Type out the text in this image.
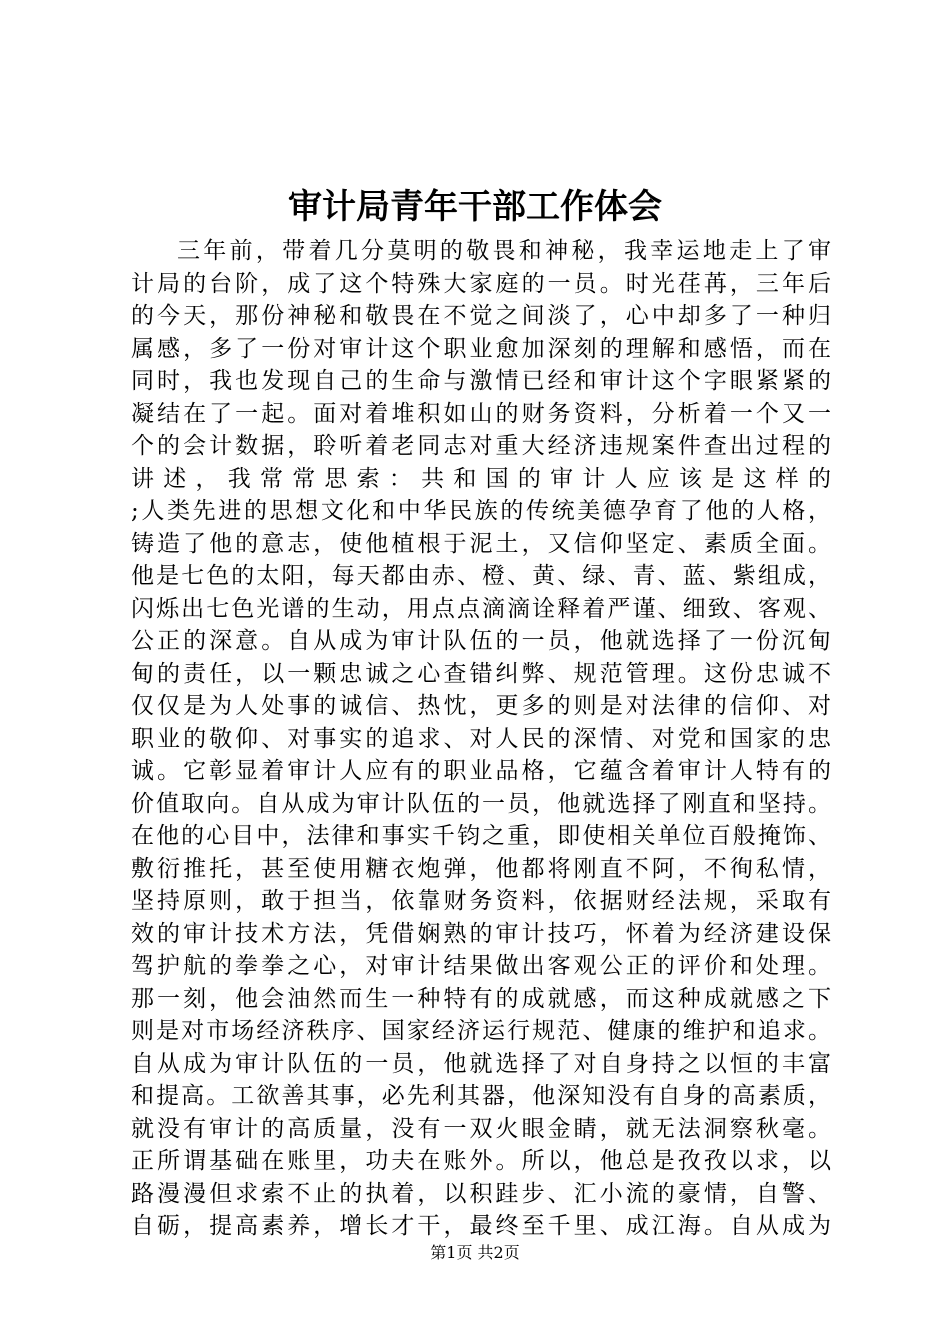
审计局青年干部工作体会
三年前，带着几分莫明的敬畏和神秘，我幸运地走上了审
计局的台阶，成了这个特殊大家庭的一员。时光荏苒，三年后
的今天，那份神秘和敬畏在不觉之间淡了，心中却多了一种归
属感，多了一份对审计这个职业愈加深刻的理解和感悟，而在
同时，我也发现自己的生命与激情已经和审计这个字眼紧紧的
凝结在了一起。面对着堆积如山的财务资料，分析着一个又一
个的会计数据，聆听着老同志对重大经济违规案件查出过程的
讲述，我常常思索：共和国的审计人应该是这样的
;人类先进的思想文化和中华民族的传统美德孕育了他的人格，
铸造了他的意志，使他植根于泥土，又信仰坚定、素质全面。
他是七色的太阳，每天都由赤、橙、黄、绿、青、蓝、紫组成，
闪烁出七色光谱的生动，用点点滴滴诠释着严谨、细致、客观、
公正的深意。自从成为审计队伍的一员，他就选择了一份沉甸
甸的责任，以一颗忠诚之心查错纠弊、规范管理。这份忠诚不
仅仅是为人处事的诚信、热忱，更多的则是对法律的信仰、对
职业的敬仰、对事实的追求、对人民的深情、对党和国家的忠
诚。它彰显着审计人应有的职业品格，它蕴含着审计人特有的
价值取向。自从成为审计队伍的一员，他就选择了刚直和坚持。
在他的心目中，法律和事实千钧之重，即使相关单位百般掩饰、
敷衍推托，甚至使用糖衣炮弹，他都将刚直不阿，不徇私情，
坚持原则，敢于担当，依靠财务资料，依据财经法规，采取有
效的审计技术方法，凭借娴熟的审计技巧，怀着为经济建设保
驾护航的拳拳之心，对审计结果做出客观公正的评价和处理。
那一刻，他会油然而生一种特有的成就感，而这种成就感之下
则是对市场经济秩序、国家经济运行规范、健康的维护和追求。
自从成为审计队伍的一员，他就选择了对自身持之以恒的丰富
和提高。工欲善其事，必先利其器，他深知没有自身的高素质，
就没有审计的高质量，没有一双火眼金睛，就无法洞察秋毫。
正所谓基础在账里，功夫在账外。所以，他总是孜孜以求，以
路漫漫但求索不止的执着，以积跬步、汇小流的豪情，自警、
自砺，提高素养，增长才干，最终至千里、成江海。自从成为
第1页 共2页
